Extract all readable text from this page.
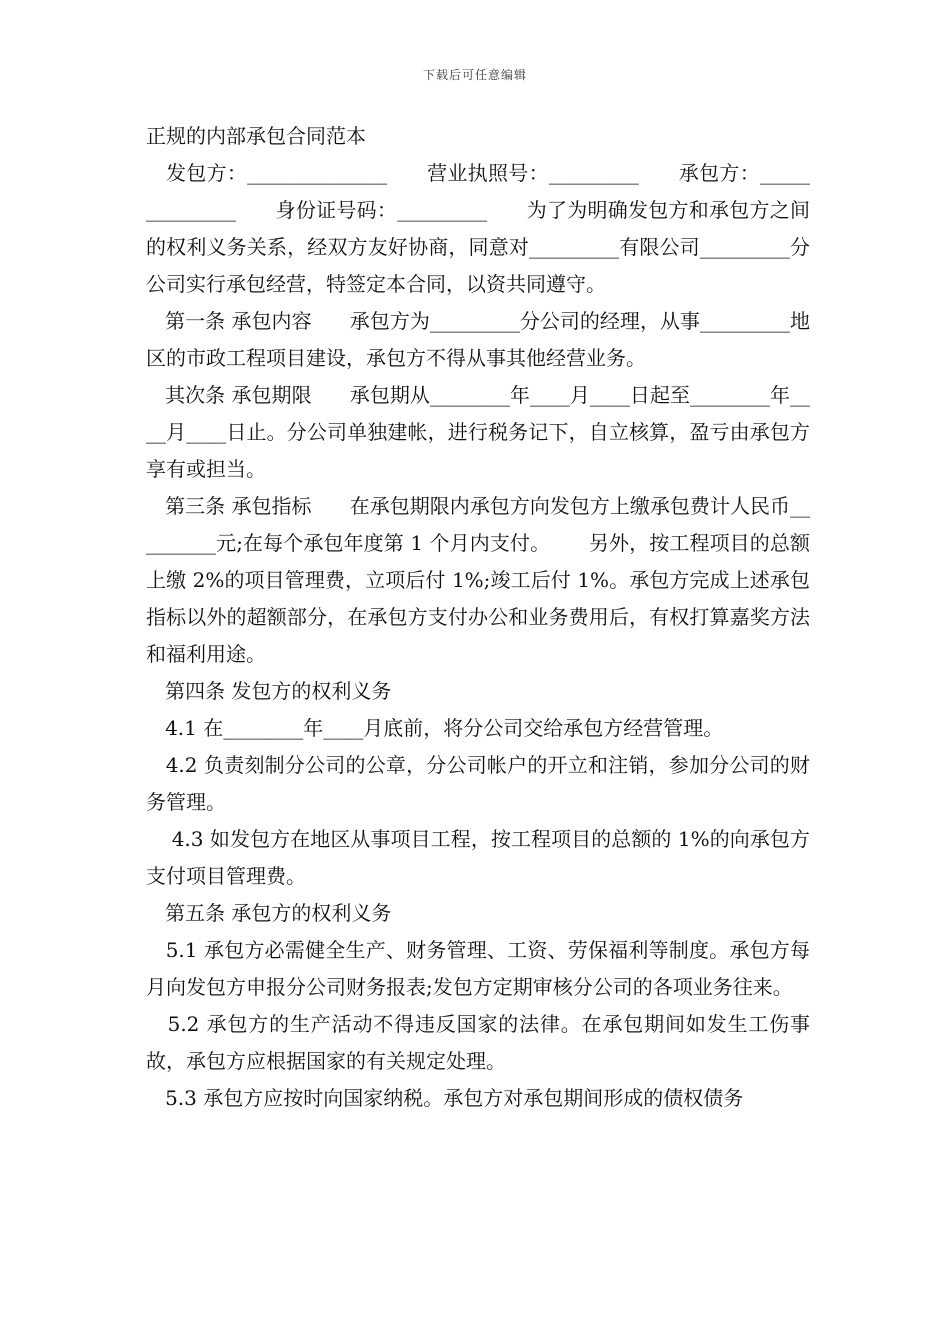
下载后可任意编辑
正规的内部承包合同范本

发包方：______________      营业执照号：_________      承包方：______________      身份证号码：_________      为了为明确发包方和承包方之间的权利义务关系，经双方友好协商，同意对_________有限公司_________分公司实行承包经营，特签定本合同，以资共同遵守。

第一条 承包内容      承包方为_________分公司的经理，从事_________地区的市政工程项目建设，承包方不得从事其他经营业务。

其次条 承包期限      承包期从________年____月____日起至________年____月____日止。分公司单独建帐，进行税务记下，自立核算，盈亏由承包方享有或担当。

第三条 承包指标      在承包期限内承包方向发包方上缴承包费计人民币_________元;在每个承包年度第 1 个月内支付。      另外，按工程项目的总额上缴 2%的项目管理费，立项后付 1%;竣工后付 1%。承包方完成上述承包指标以外的超额部分，在承包方支付办公和业务费用后，有权打算嘉奖方法和福利用途。

第四条 发包方的权利义务

4.1 在________年____月底前，将分公司交给承包方经营管理。

4.2 负责刻制分公司的公章，分公司帐户的开立和注销，参加分公司的财务管理。

4.3 如发包方在地区从事项目工程，按工程项目的总额的 1%的向承包方支付项目管理费。

第五条 承包方的权利义务

5.1 承包方必需健全生产、财务管理、工资、劳保福利等制度。承包方每月向发包方申报分公司财务报表;发包方定期审核分公司的各项业务往来。

5.2 承包方的生产活动不得违反国家的法律。在承包期间如发生工伤事故，承包方应根据国家的有关规定处理。

5.3 承包方应按时向国家纳税。承包方对承包期间形成的债权债务
